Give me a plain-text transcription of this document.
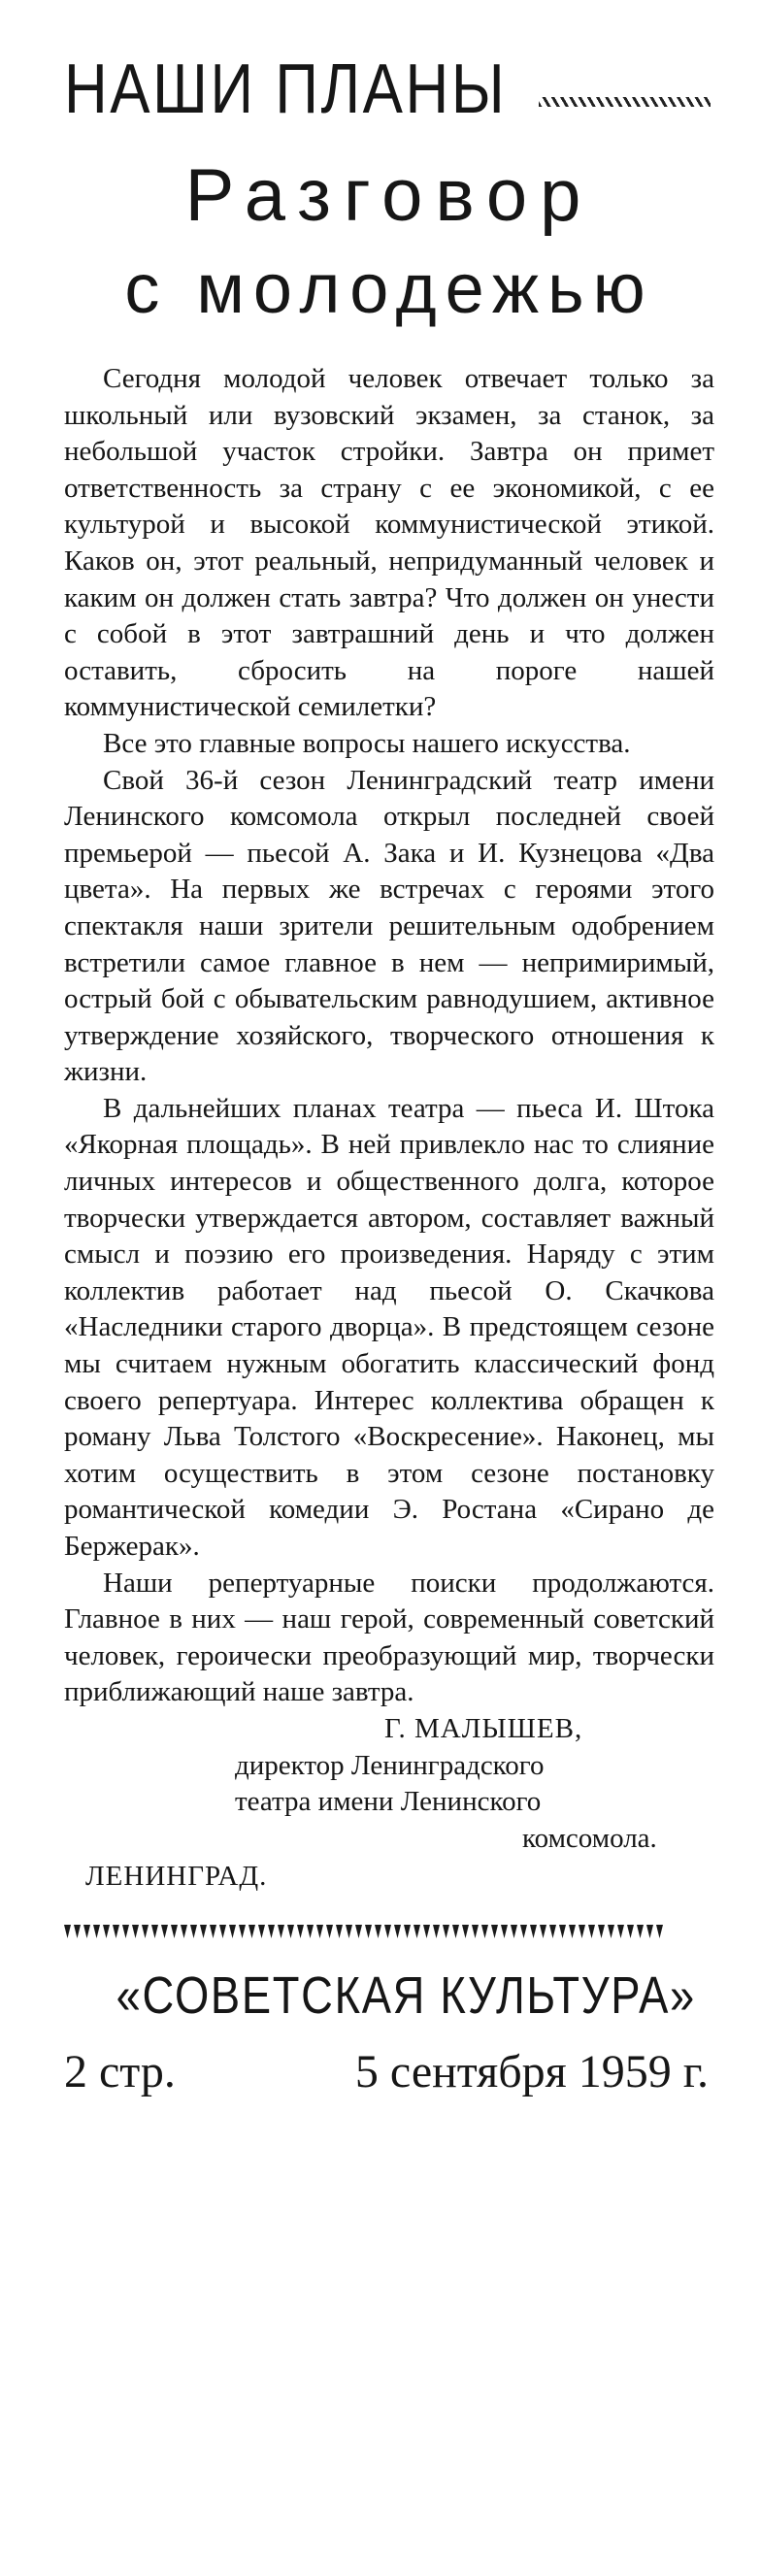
НАШИ ПЛАНЫ
Разговор
с молодежью

Сегодня молодой человек отвечает только за школьный или вузовский экзамен, за станок, за небольшой участок стройки. Завтра он примет ответственность за страну с ее экономикой, с ее культурой и высокой коммунистической этикой. Каков он, этот реальный, непридуманный человек и каким он должен стать завтра? Что должен он унести с собой в этот завтрашний день и что должен оставить, сбросить на пороге нашей коммунистической семилетки?

Все это главные вопросы нашего искусства.

Свой 36-й сезон Ленинградский театр имени Ленинского комсомола открыл последней своей премьерой — пьесой А. Зака и И. Кузнецова «Два цвета». На первых же встречах с героями этого спектакля наши зрители решительным одобрением встретили самое главное в нем — непримиримый, острый бой с обывательским равнодушием, активное утверждение хозяйского, творческого отношения к жизни.

В дальнейших планах театра — пьеса И. Штока «Якорная площадь». В ней привлекло нас то слияние личных интересов и общественного долга, которое творчески утверждается автором, составляет важный смысл и поэзию его произведения. Наряду с этим коллектив работает над пьесой О. Скачкова «Наследники старого дворца». В предстоящем сезоне мы считаем нужным обогатить классический фонд своего репертуара. Интерес коллектива обращен к роману Льва Толстого «Воскресение». Наконец, мы хотим осуществить в этом сезоне постановку романтической комедии Э. Ростана «Сирано де Бержерак».

Наши репертуарные поиски продолжаются. Главное в них — наш герой, современный советский человек, героически преобразующий мир, творчески приближающий наше завтра.

Г. МАЛЫШЕВ,
директор Ленинградского
театра имени Ленинского
комсомола.
ЛЕНИНГРАД.
«СОВЕТСКАЯ КУЛЬТУРА»
2 стр.	5 сентября 1959 г.
